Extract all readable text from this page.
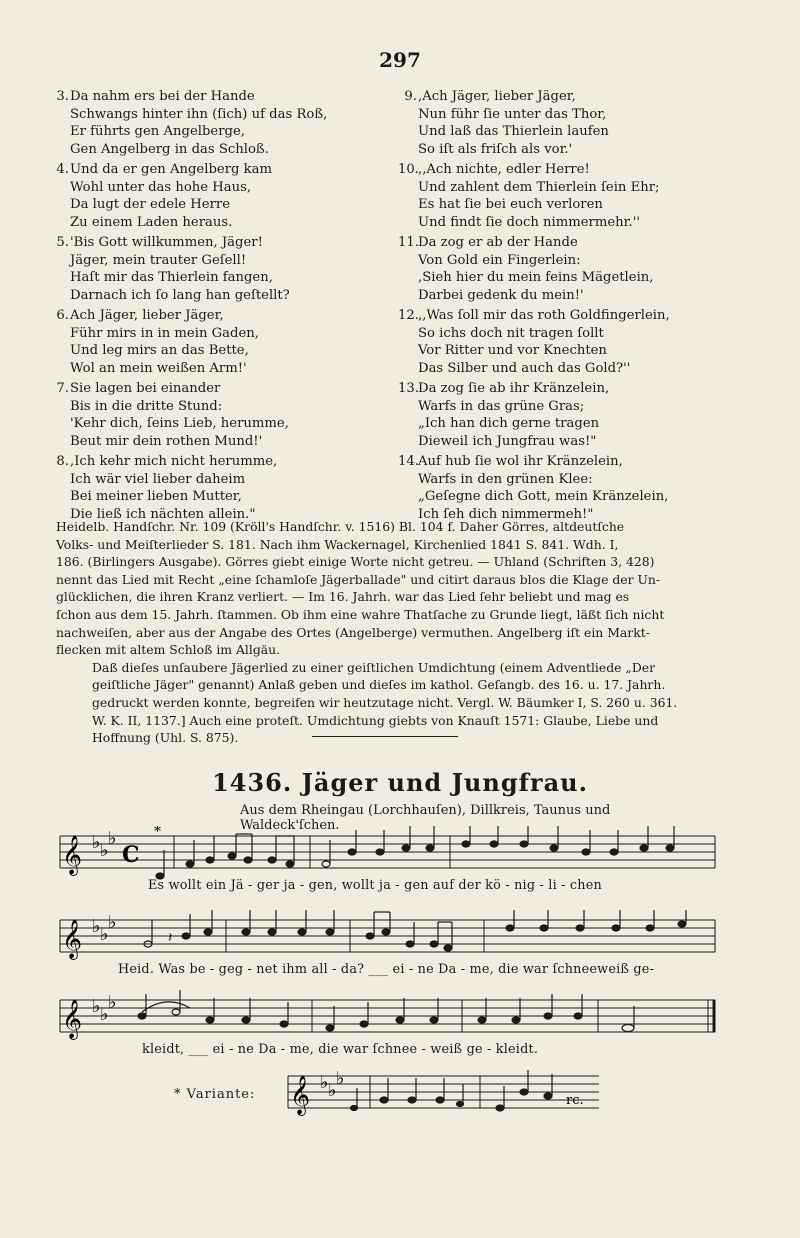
297
3.Da nahm ers bei der Hande
Schwangs hinter ihn (ſich) uf das Roß,
Er führts gen Angelberge,
Gen Angelberg in das Schloß.
4.Und da er gen Angelberg kam
Wohl unter das hohe Haus,
Da lugt der edele Herre
Zu einem Laden heraus.
5.'Bis Gott willkummen, Jäger!
Jäger, mein trauter Geſell!
Haſt mir das Thierlein fangen,
Darnach ich ſo lang han geſtellt?
6.Ach Jäger, lieber Jäger,
Führ mirs in in mein Gaden,
Und leg mirs an das Bette,
Wol an mein weißen Arm!'
7.Sie lagen bei einander
Bis in die dritte Stund:
'Kehr dich, ſeins Lieb, herumme,
Beut mir dein rothen Mund!'
8.,Ich kehr mich nicht herumme,
Ich wär viel lieber daheim
Bei meiner lieben Mutter,
Die ließ ich nächten allein."
9.,Ach Jäger, lieber Jäger,
Nun führ ſie unter das Thor,
Und laß das Thierlein laufen
So iſt als friſch als vor.'
10.,,Ach nichte, edler Herre!
Und zahlent dem Thierlein ſein Ehr;
Es hat ſie bei euch verloren
Und findt ſie doch nimmermehr.''
11.Da zog er ab der Hande
Von Gold ein Fingerlein:
,Sieh hier du mein feins Mägetlein,
Darbei gedenk du mein!'
12.,,Was ſoll mir das roth Goldfingerlein,
So ichs doch nit tragen ſollt
Vor Ritter und vor Knechten
Das Silber und auch das Gold?''
13.Da zog ſie ab ihr Kränzelein,
Warfs in das grüne Gras;
„Ich han dich gerne tragen
Dieweil ich Jungfrau was!"
14.Auf hub ſie wol ihr Kränzelein,
Warfs in den grünen Klee:
„Geſegne dich Gott, mein Kränzelein,
Ich ſeh dich nimmermeh!"

Heidelb. Handſchr. Nr. 109 (Kröll's Handſchr. v. 1516) Bl. 104 f. Daher Görres, altdeutſche
Volks- und Meiſterlieder S. 181. Nach ihm Wackernagel, Kirchenlied 1841 S. 841. Wdh. I,
186. (Birlingers Ausgabe). Görres giebt einige Worte nicht getreu. — Uhland (Schriften 3, 428)
nennt das Lied mit Recht „eine ſchamloſe Jägerballade" und citirt daraus blos die Klage der Un-
glücklichen, die ihren Kranz verliert. — Im 16. Jahrh. war das Lied ſehr beliebt und mag es
ſchon aus dem 15. Jahrh. ſtammen. Ob ihm eine wahre Thatſache zu Grunde liegt, läßt ſich nicht
nachweiſen, aber aus der Angabe des Ortes (Angelberge) vermuthen. Angelberg iſt ein Markt-
flecken mit altem Schloß im Allgäu.

Daß dieſes unſaubere Jägerlied zu einer geiſtlichen Umdichtung (einem Adventliede „Der
geiſtliche Jäger" genannt) Anlaß geben und dieſes im kathol. Geſangb. des 16. u. 17. Jahrh.
gedruckt werden konnte, begreifen wir heutzutage nicht. Vergl. W. Bäumker I, S. 260 u. 361.
W. K. II, 1137.] Auch eine proteſt. Umdichtung giebts von Knauſt 1571: Glaube, Liebe und
Hoffnung (Uhl. S. 875).

1436. Jäger und Jungfrau.
Aus dem Rheingau (Lorchhauſen), Dillkreis, Taunus und Waldeck'ſchen.
𝄞 ♭ ♭
♭
C
*
Es wollt ein Jä - ger ja - gen, wollt ja - gen auf der kö - nig - li - chen
𝄞 ♭ ♭
♭
𝄽
Heid. Was be - geg - net ihm all - da? ___ ei - ne Da - me, die war ſchneeweiß ge-
𝄞 ♭ ♭
♭
kleidt, ___ ei - ne Da - me, die war ſchnee - weiß ge - kleidt.
* Variante: 𝄞 ♭ ♭
♭
rc.
